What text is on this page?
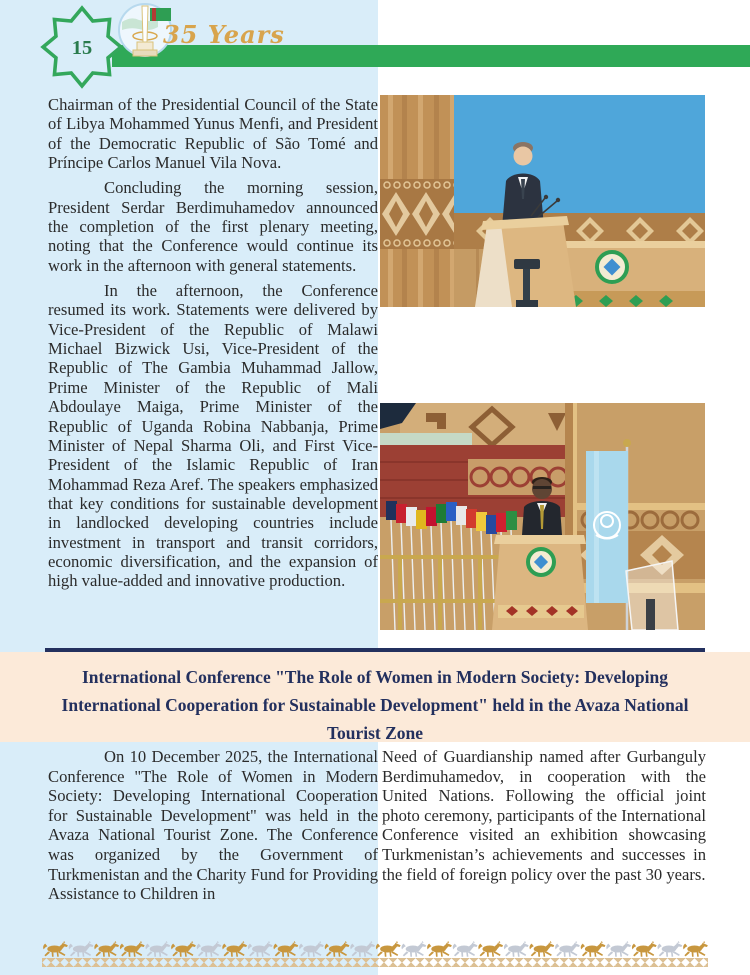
15	35 Years

Chairman of the Presidential Council of the State of Libya Mohammed Yunus Menfi, and President of the Democratic Republic of São Tomé and Príncipe Carlos Manuel Vila Nova.

Concluding the morning session, President Serdar Berdimuhamedov announced the completion of the first plenary meeting, noting that the Conference would continue its work in the afternoon with general statements.

In the afternoon, the Conference resumed its work. Statements were delivered by Vice-President of the Republic of Malawi Michael Bizwick Usi, Vice-President of the Republic of The Gambia Muhammad Jallow, Prime Minister of the Republic of Mali Abdoulaye Maiga, Prime Minister of the Republic of Uganda Robina Nabbanja, Prime Minister of Nepal Sharma Oli, and First Vice-President of the Islamic Republic of Iran Mohammad Reza Aref. The speakers emphasized that key conditions for sustainable development in landlocked developing countries include investment in transport and transit corridors, economic diversification, and the expansion of high value-added and innovative production.

International Conference "The Role of Women in Modern Society: Developing International Cooperation for Sustainable Development" held in the Avaza National Tourist Zone

On 10 December 2025, the International Conference "The Role of Women in Modern Society: Developing International Cooperation for Sustainable Development" was held in the Avaza National Tourist Zone. The Conference was organized by the Government of Turkmenistan and the Charity Fund for Providing Assistance to Children in

Need of Guardianship named after Gurbanguly Berdimuhamedov, in cooperation with the United Nations. Following the official joint photo ceremony, participants of the International Conference visited an exhibition showcasing Turkmenistan’s achievements and successes in the field of foreign policy over the past 30 years.
